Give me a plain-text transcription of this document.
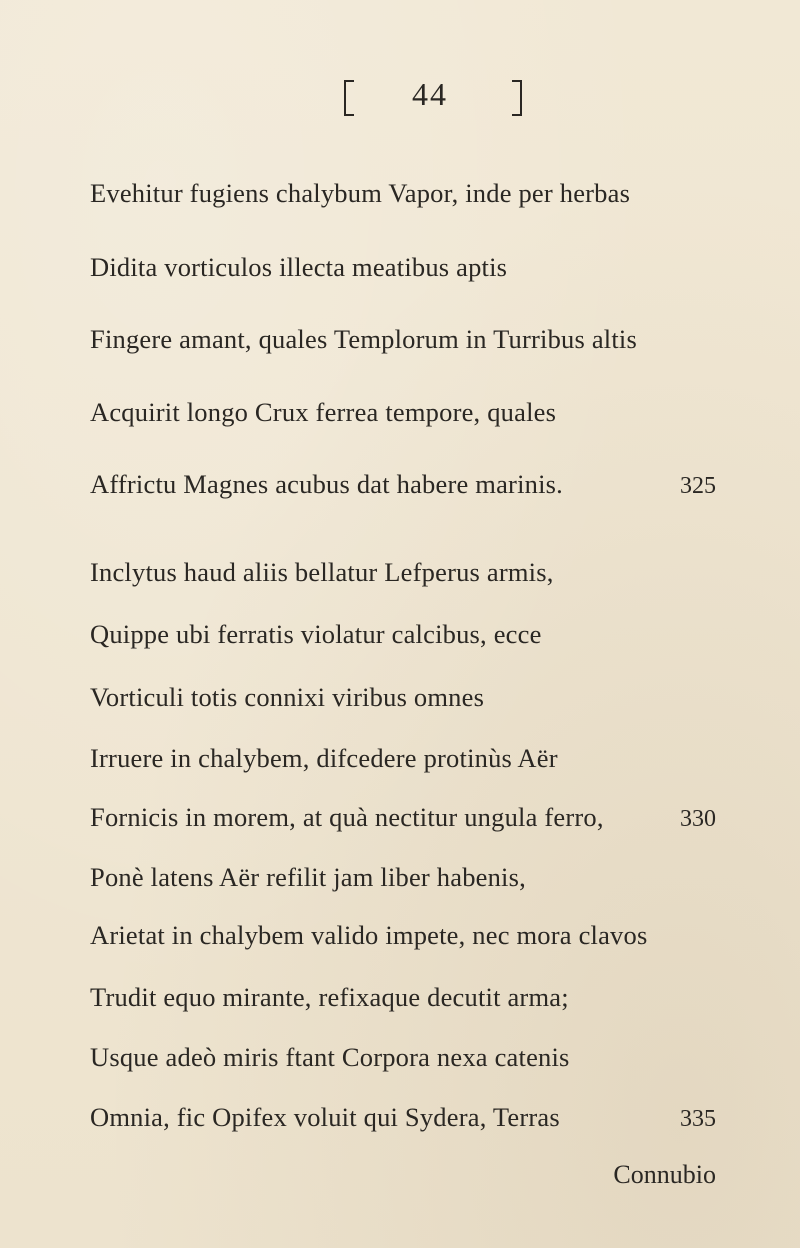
44
Evehitur fugiens chalybum Vapor, inde per herbas
Didita vorticulos illecta meatibus aptis
Fingere amant, quales Templorum in Turribus altis
Acquirit longo Crux ferrea tempore, quales
Affrictu Magnes acubus dat habere marinis.	325
Inclytus haud aliis bellatur Lefperus armis,
Quippe ubi ferratis violatur calcibus, ecce
Vorticuli totis connixi viribus omnes
Irruere in chalybem, difcedere protinùs Aër
Fornicis in morem, at quà nectitur ungula ferro,	330
Ponè latens Aër refilit jam liber habenis,
Arietat in chalybem valido impete, nec mora clavos
Trudit equo mirante, refixaque decutit arma;
Usque adeò miris ftant Corpora nexa catenis
Omnia, fic Opifex voluit qui Sydera, Terras	335
Connubio
